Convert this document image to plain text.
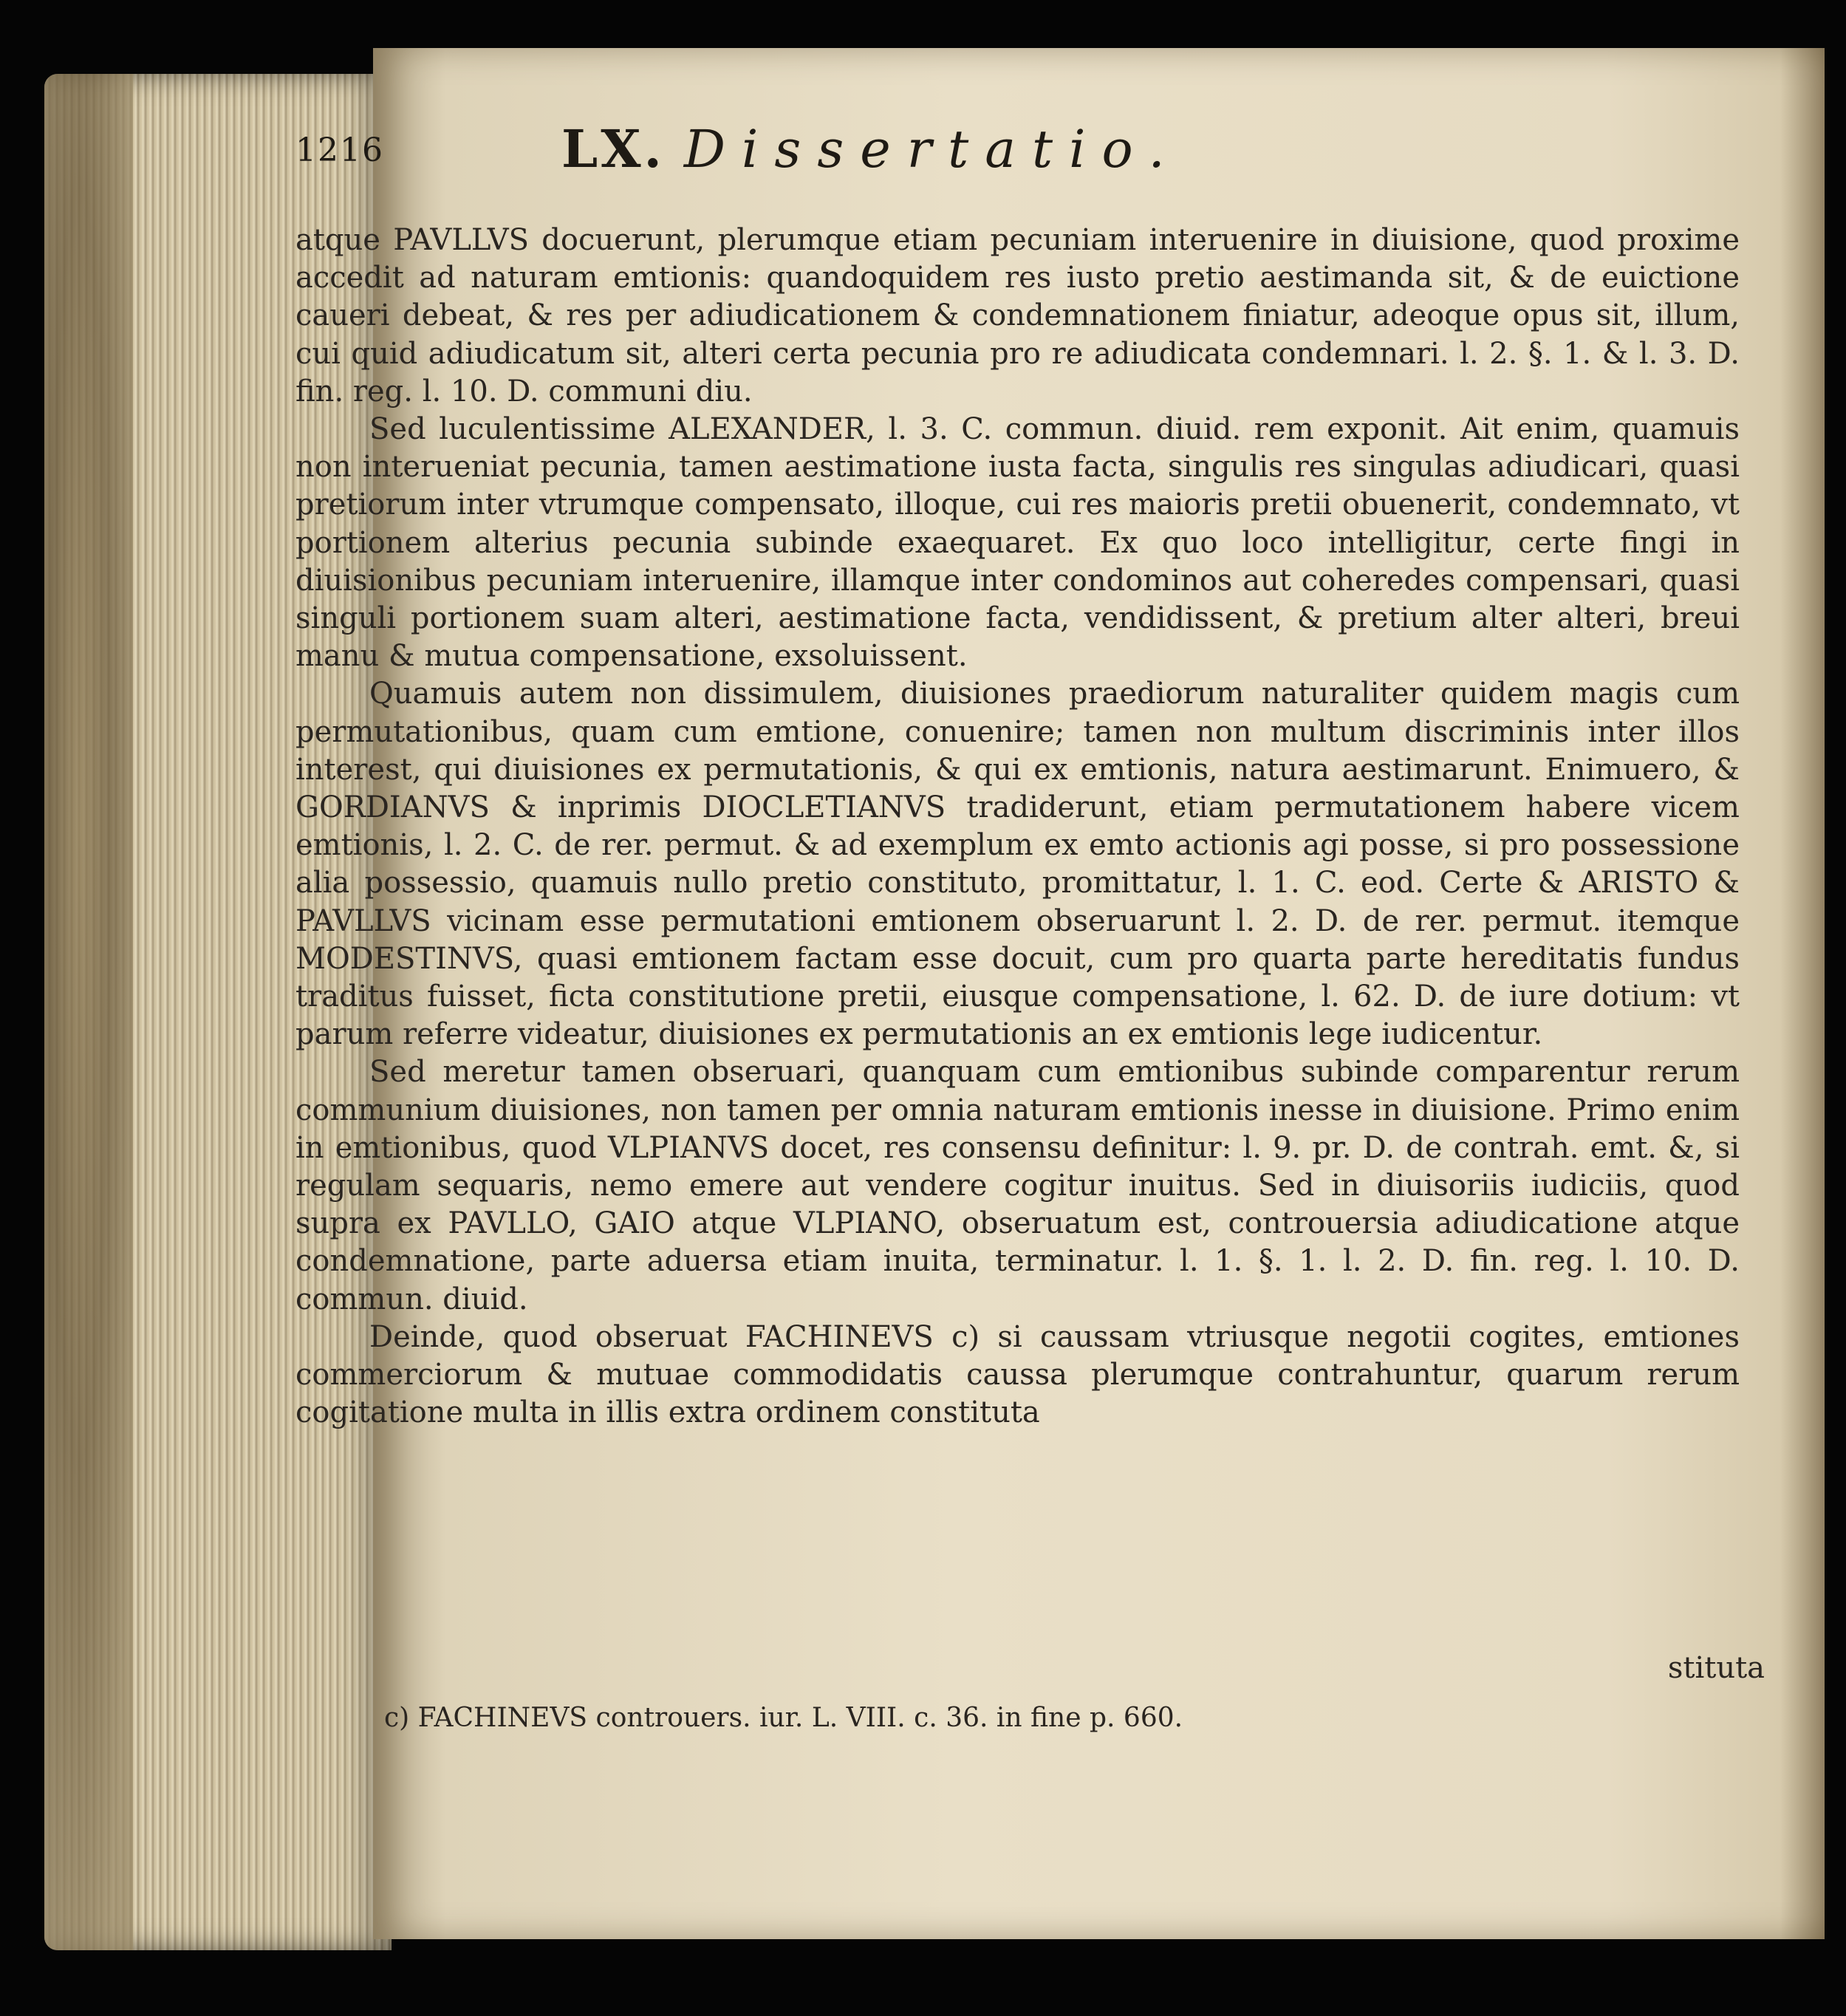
1216	LX. Dissertatio.

atque PAVLLVS docuerunt, plerumque etiam pecuniam interuenire in diuisione, quod proxime accedit ad naturam emtionis: quandoquidem res iusto pretio aestimanda sit, & de euictione caueri debeat, & res per adiudicationem & condemnationem finiatur, adeoque opus sit, illum, cui quid adiudicatum sit, alteri certa pecunia pro re adiudicata condemnari. l. 2. §. 1. & l. 3. D. fin. reg. l. 10. D. communi diu.

Sed luculentissime ALEXANDER, l. 3. C. commun. diuid. rem exponit. Ait enim, quamuis non interueniat pecunia, tamen aestimatione iusta facta, singulis res singulas adiudicari, quasi pretiorum inter vtrumque compensato, illoque, cui res maioris pretii obuenerit, condemnato, vt portionem alterius pecunia subinde exaequaret. Ex quo loco intelligitur, certe fingi in diuisionibus pecuniam interuenire, illamque inter condominos aut coheredes compensari, quasi singuli portionem suam alteri, aestimatione facta, vendidissent, & pretium alter alteri, breui manu & mutua compensatione, exsoluissent.

Quamuis autem non dissimulem, diuisiones praediorum naturaliter quidem magis cum permutationibus, quam cum emtione, conuenire; tamen non multum discriminis inter illos interest, qui diuisiones ex permutationis, & qui ex emtionis, natura aestimarunt. Enimuero, & GORDIANVS & inprimis DIOCLETIANVS tradiderunt, etiam permutationem habere vicem emtionis, l. 2. C. de rer. permut. & ad exemplum ex emto actionis agi posse, si pro possessione alia possessio, quamuis nullo pretio constituto, promittatur, l. 1. C. eod. Certe & ARISTO & PAVLLVS vicinam esse permutationi emtionem obseruarunt l. 2. D. de rer. permut. itemque MODESTINVS, quasi emtionem factam esse docuit, cum pro quarta parte hereditatis fundus traditus fuisset, ficta constitutione pretii, eiusque compensatione, l. 62. D. de iure dotium: vt parum referre videatur, diuisiones ex permutationis an ex emtionis lege iudicentur.

Sed meretur tamen obseruari, quanquam cum emtionibus subinde comparentur rerum communium diuisiones, non tamen per omnia naturam emtionis inesse in diuisione. Primo enim in emtionibus, quod VLPIANVS docet, res consensu definitur: l. 9. pr. D. de contrah. emt. &, si regulam sequaris, nemo emere aut vendere cogitur inuitus. Sed in diuisoriis iudiciis, quod supra ex PAVLLO, GAIO atque VLPIANO, obseruatum est, controuersia adiudicatione atque condemnatione, parte aduersa etiam inuita, terminatur. l. 1. §. 1. l. 2. D. fin. reg. l. 10. D. commun. diuid.

Deinde, quod obseruat FACHINEVS c) si caussam vtriusque negotii cogites, emtiones commerciorum & mutuae commodidatis caussa plerumque contrahuntur, quarum rerum cogitatione multa in illis extra ordinem constituta

stituta
c) FACHINEVS controuers. iur. L. VIII. c. 36. in fine p. 660.
